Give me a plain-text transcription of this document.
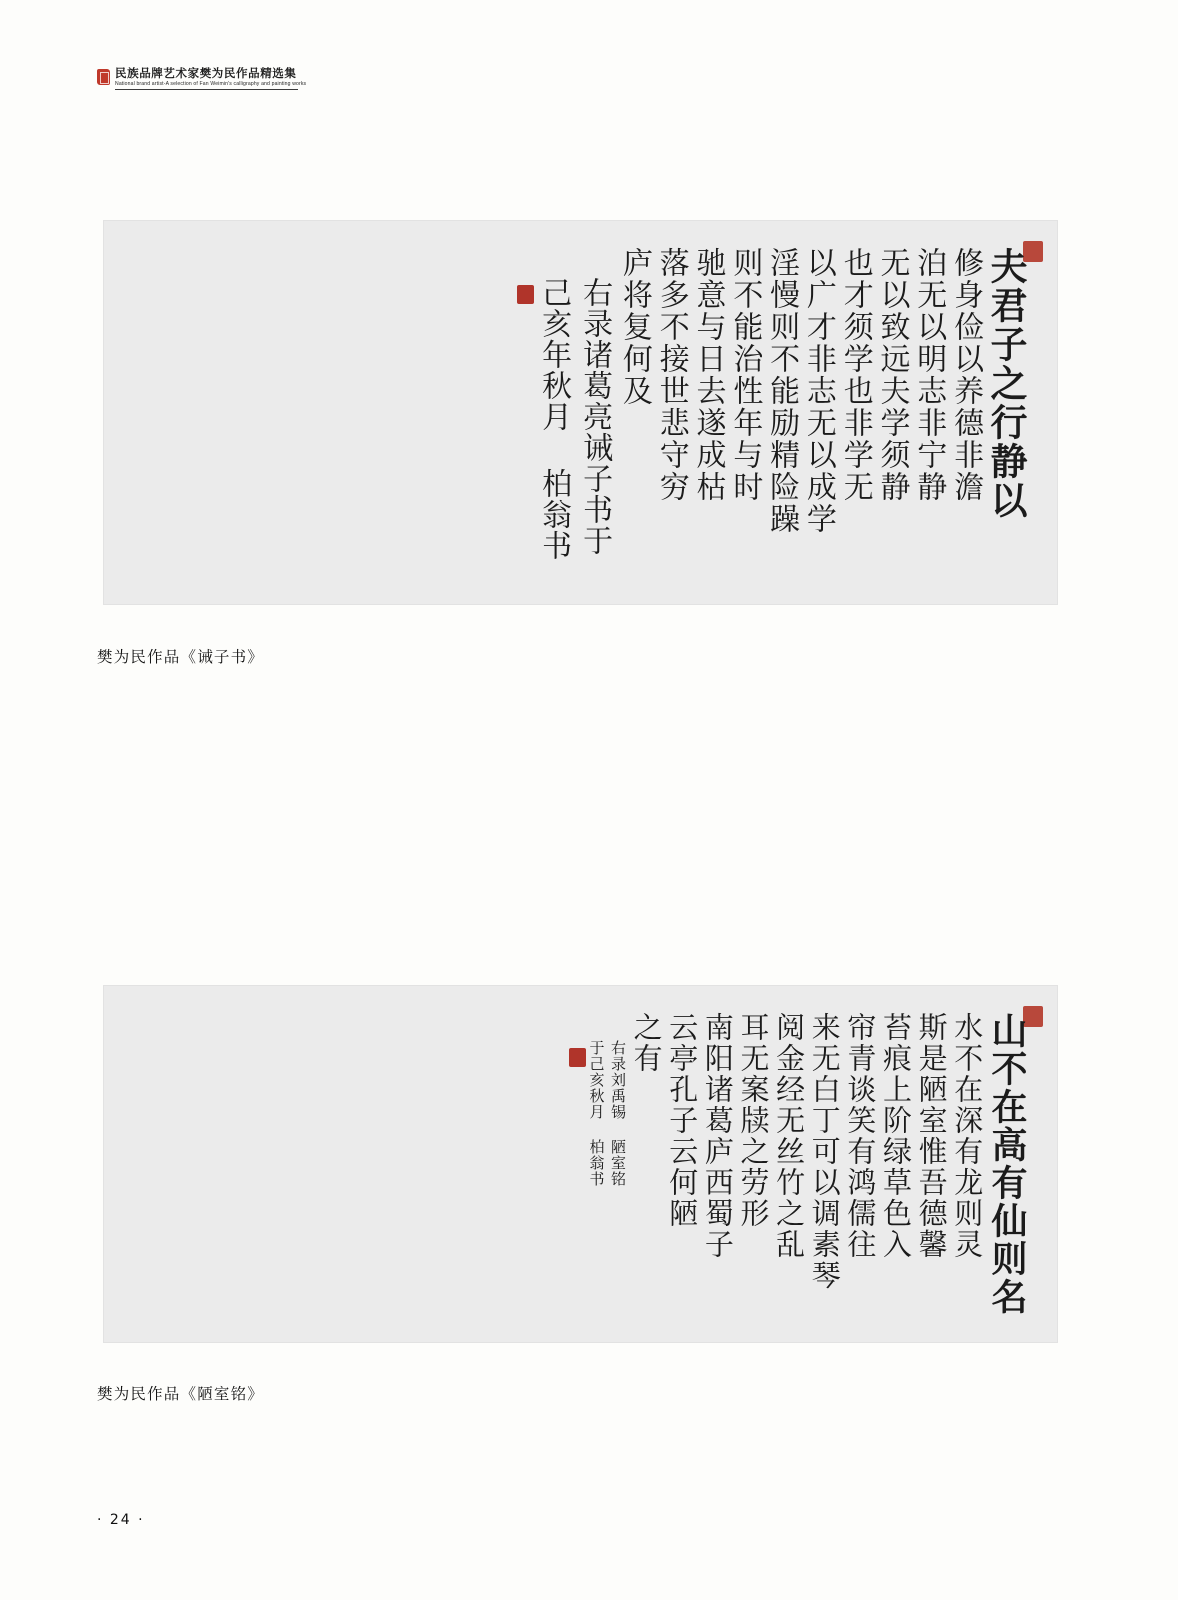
民族品牌艺术家樊为民作品精选集
National brand artist-A selection of Fan Weimin's calligraphy and painting works
夫君子之行静以
修身俭以养德非澹
泊无以明志非宁静
无以致远夫学须静
也才须学也非学无
以广才非志无以成学
淫慢则不能励精险躁
则不能治性年与时
驰意与日去遂成枯
落多不接世悲守穷
庐将复何及
右录诸葛亮诫子书于
己亥年秋月 柏翁书
樊为民作品《诫子书》
山不在高有仙则名
水不在深有龙则灵
斯是陋室惟吾德馨
苔痕上阶绿草色入
帘青谈笑有鸿儒往
来无白丁可以调素琴
阅金经无丝竹之乱
耳无案牍之劳形
南阳诸葛庐西蜀子
云亭孔子云何陋
之有
右录刘禹锡 陋室铭
于己亥秋月 柏翁书
樊为民作品《陋室铭》
· 24 ·
